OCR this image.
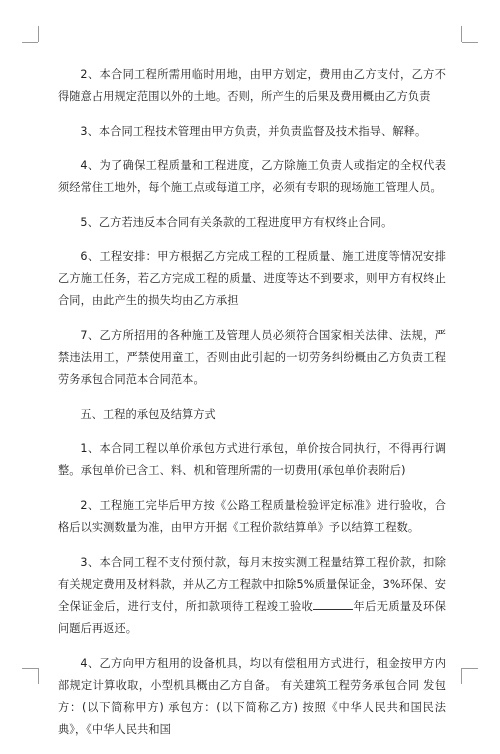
2、本合同工程所需用临时用地，由甲方划定，费用由乙方支付，乙方不得随意占用规定范围以外的土地。否则，所产生的后果及费用概由乙方负责

3、本合同工程技术管理由甲方负责，并负责监督及技术指导、解释。

4、为了确保工程质量和工程进度，乙方除施工负责人或指定的全权代表须经常住工地外，每个施工点或每道工序，必须有专职的现场施工管理人员。

5、乙方若违反本合同有关条款的工程进度甲方有权终止合同。

6、工程安排：甲方根据乙方完成工程的工程质量、施工进度等情况安排乙方施工任务，若乙方完成工程的质量、进度等达不到要求，则甲方有权终止合同，由此产生的损失均由乙方承担

7、乙方所招用的各种施工及管理人员必须符合国家相关法律、法规，严禁违法用工，严禁使用童工，否则由此引起的一切劳务纠纷概由乙方负责工程劳务承包合同范本合同范本。

五、工程的承包及结算方式

1、本合同工程以单价承包方式进行承包，单价按合同执行，不得再行调整。承包单价已含工、料、机和管理所需的一切费用(承包单价表附后)

2、工程施工完毕后甲方按《公路工程质量检验评定标准》进行验收，合格后以实测数量为准，由甲方开据《工程价款结算单》予以结算工程数。

3、本合同工程不支付预付款，每月末按实测工程量结算工程价款，扣除有关规定费用及材料款，并从乙方工程款中扣除5%质量保证金，3%环保、安全保证金后，进行支付，所扣款项待工程竣工验收	年后无质量及环保问题后再返还。

4、乙方向甲方租用的设备机具，均以有偿租用方式进行，租金按甲方内部规定计算收取，小型机具概由乙方自备。 有关建筑工程劳务承包合同 发包方：(以下简称甲方) 承包方：(以下简称乙方) 按照《中华人民共和国民法典》，《中华人民共和国
